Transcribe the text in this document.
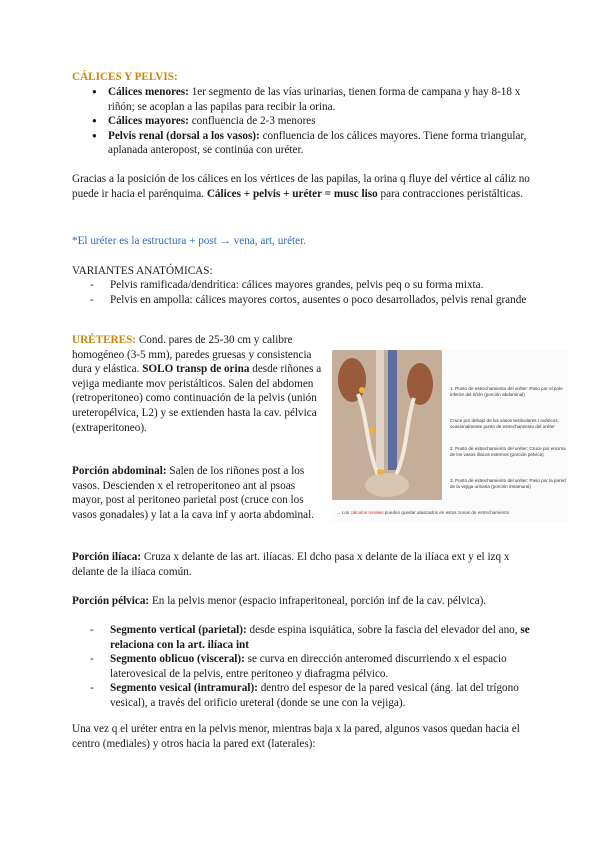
CÁLICES Y PELVIS:
● Cálices menores: 1er segmento de las vías urinarias, tienen forma de campana y hay 8-18 x riñón; se acoplan a las papilas para recibir la orina.
● Cálices mayores: confluencia de 2-3 menores
● Pelvis renal (dorsal a los vasos): confluencia de los cálices mayores. Tiene forma triangular, aplanada anteropost, se continúa con uréter.
Gracias a la posición de los cálices en los vértices de las papilas, la orina q fluye del vértice al cáliz no puede ir hacia el parénquima. Cálices + pelvis + uréter = musc liso para contracciones peristálticas.
*El uréter es la estructura + post → vena, art, uréter.
VARIANTES ANATÓMICAS:
- Pelvis ramificada/dendrítica: cálices mayores grandes, pelvis peq o su forma mixta.
- Pelvis en ampolla: cálices mayores cortos, ausentes o poco desarrollados, pelvis renal grande
URÉTERES: Cond. pares de 25-30 cm y calibre homogéneo (3-5 mm), paredes gruesas y consistencia dura y elástica. SOLO transp de orina desde riñones a vejiga mediante mov peristálticos. Salen del abdomen (retroperitoneo) como continuación de la pelvis (unión ureteropélvica, L2) y se extienden hasta la cav. pélvica (extraperitoneo).
Porción abdominal: Salen de los riñones post a los vasos. Descienden x el retroperitoneo ant al psoas mayor, post al peritoneo parietal post (cruce con los vasos gonadales) y lat a la cava inf y aorta abdominal.
1. Punto de estrechamiento del uréter: Paso por el polo inferior del riñón (porción abdominal)
Cruce por debajo de los vasos testiculares / ováricos, ocasionalmente punto de estrechamiento del uréter
2. Punto de estrechamiento del uréter: Cruce por encima de los vasos ilíacos externos (porción pélvica)
3. Punto de estrechamiento del uréter: Paso por la pared de la vejiga urinaria (porción intramural)
→ Los cálculos renales pueden quedar atascados en estos zonas de estrechamiento
Porción ilíaca: Cruza x delante de las art. ilíacas. El dcho pasa x delante de la ilíaca ext y el izq x delante de la ilíaca común.
Porción pélvica: En la pelvis menor (espacio infraperitoneal, porción inf de la cav. pélvica).
- Segmento vertical (parietal): desde espina isquiática, sobre la fascia del elevador del ano, se relaciona con la art. ilíaca int
- Segmento oblicuo (visceral): se curva en dirección anteromed discurriendo x el espacio laterovesical de la pelvis, entre peritoneo y diafragma pélvico.
- Segmento vesical (intramural): dentro del espesor de la pared vesical (áng. lat del trígono vesical), a través del orificio ureteral (donde se une con la vejiga).
Una vez q el uréter entra en la pelvis menor, mientras baja x la pared, algunos vasos quedan hacia el centro (mediales) y otros hacia la pared ext (laterales):
